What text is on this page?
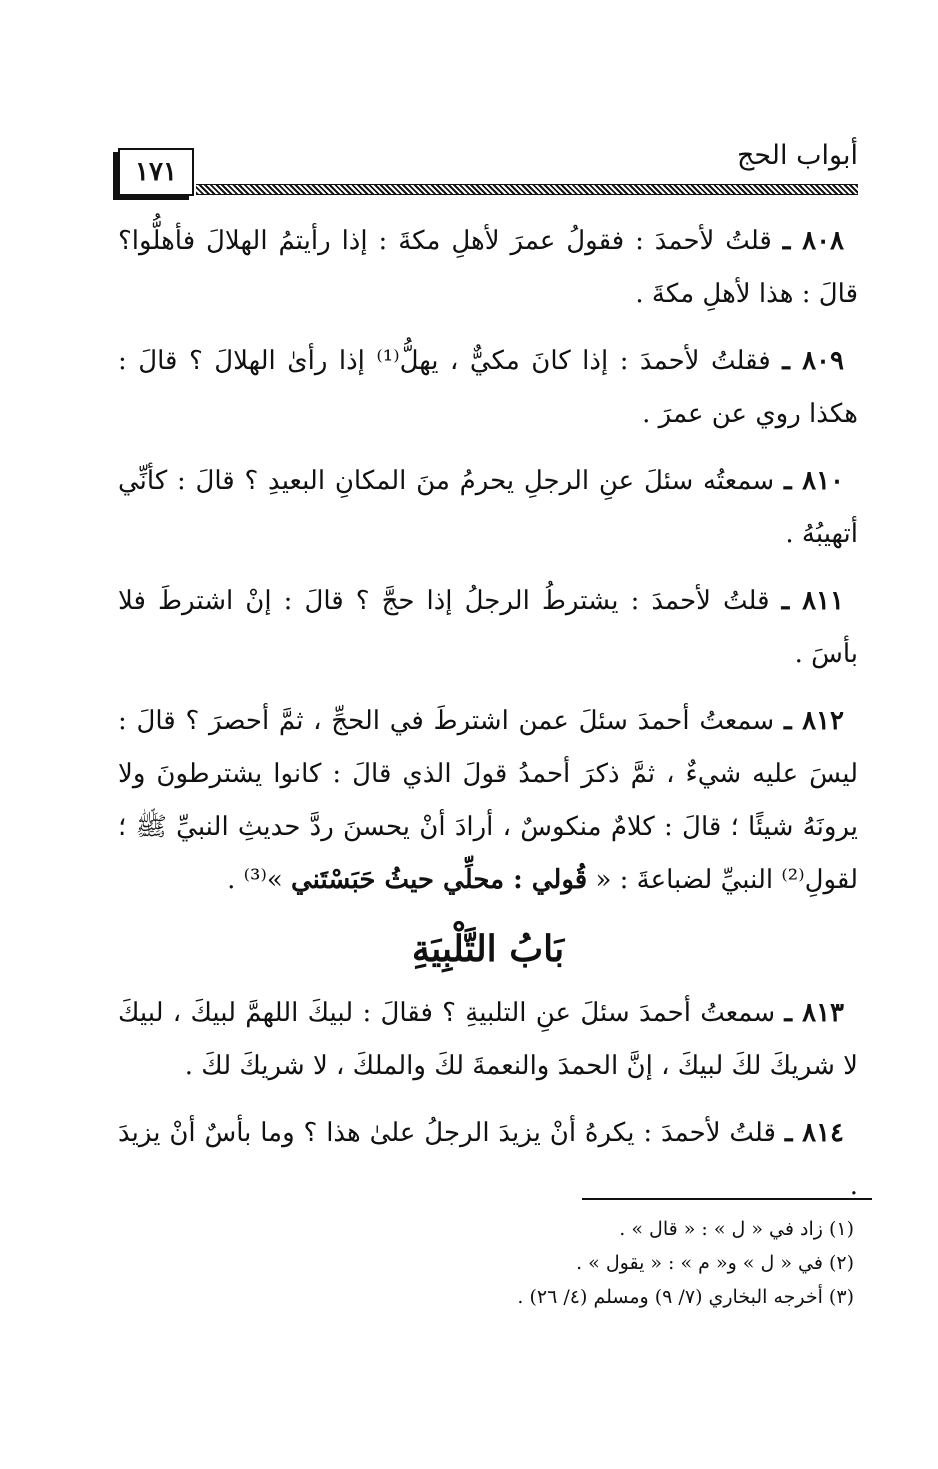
أبواب الحج
١٧١

٨٠٨ ـ قلتُ لأحمدَ : فقولُ عمرَ لأهلِ مكةَ : إذا رأيتمُ الهلالَ فأهلُّوا؟ قالَ : هذا لأهلِ مكةَ .

٨٠٩ ـ فقلتُ لأحمدَ : إذا كانَ مكيٌّ ، يهلُّ⁽¹⁾ إذا رأىٰ الهلالَ ؟ قالَ : هكذا روي عن عمرَ .

٨١٠ ـ سمعتُه سئلَ عنِ الرجلِ يحرمُ منَ المكانِ البعيدِ ؟ قالَ : كأنِّي أتهيبُهُ .

٨١١ ـ قلتُ لأحمدَ : يشترطُ الرجلُ إذا حجَّ ؟ قالَ : إنْ اشترطَ فلا بأسَ .

٨١٢ ـ سمعتُ أحمدَ سئلَ عمن اشترطَ في الحجِّ ، ثمَّ أحصرَ ؟ قالَ : ليسَ عليه شيءٌ ، ثمَّ ذكرَ أحمدُ قولَ الذي قالَ : كانوا يشترطونَ ولا يرونَهُ شيئًا ؛ قالَ : كلامٌ منكوسٌ ، أرادَ أنْ يحسنَ ردَّ حديثِ النبيِّ ﷺ ؛ لقولِ⁽²⁾ النبيِّ لضباعةَ : « قُولي : محلِّي حيثُ حَبَسْتَني »⁽³⁾ .

بَابُ التَّلْبِيَةِ

٨١٣ ـ سمعتُ أحمدَ سئلَ عنِ التلبيةِ ؟ فقالَ : لبيكَ اللهمَّ لبيكَ ، لبيكَ لا شريكَ لكَ لبيكَ ، إنَّ الحمدَ والنعمةَ لكَ والملكَ ، لا شريكَ لكَ .

٨١٤ ـ قلتُ لأحمدَ : يكرهُ أنْ يزيدَ الرجلُ علىٰ هذا ؟ وما بأسٌ أنْ يزيدَ .

(١) زاد في « ل » : « قال » .

(٢) في « ل » و« م » : « يقول » .

(٣) أخرجه البخاري (٧/ ٩) ومسلم (٤/ ٢٦) .
